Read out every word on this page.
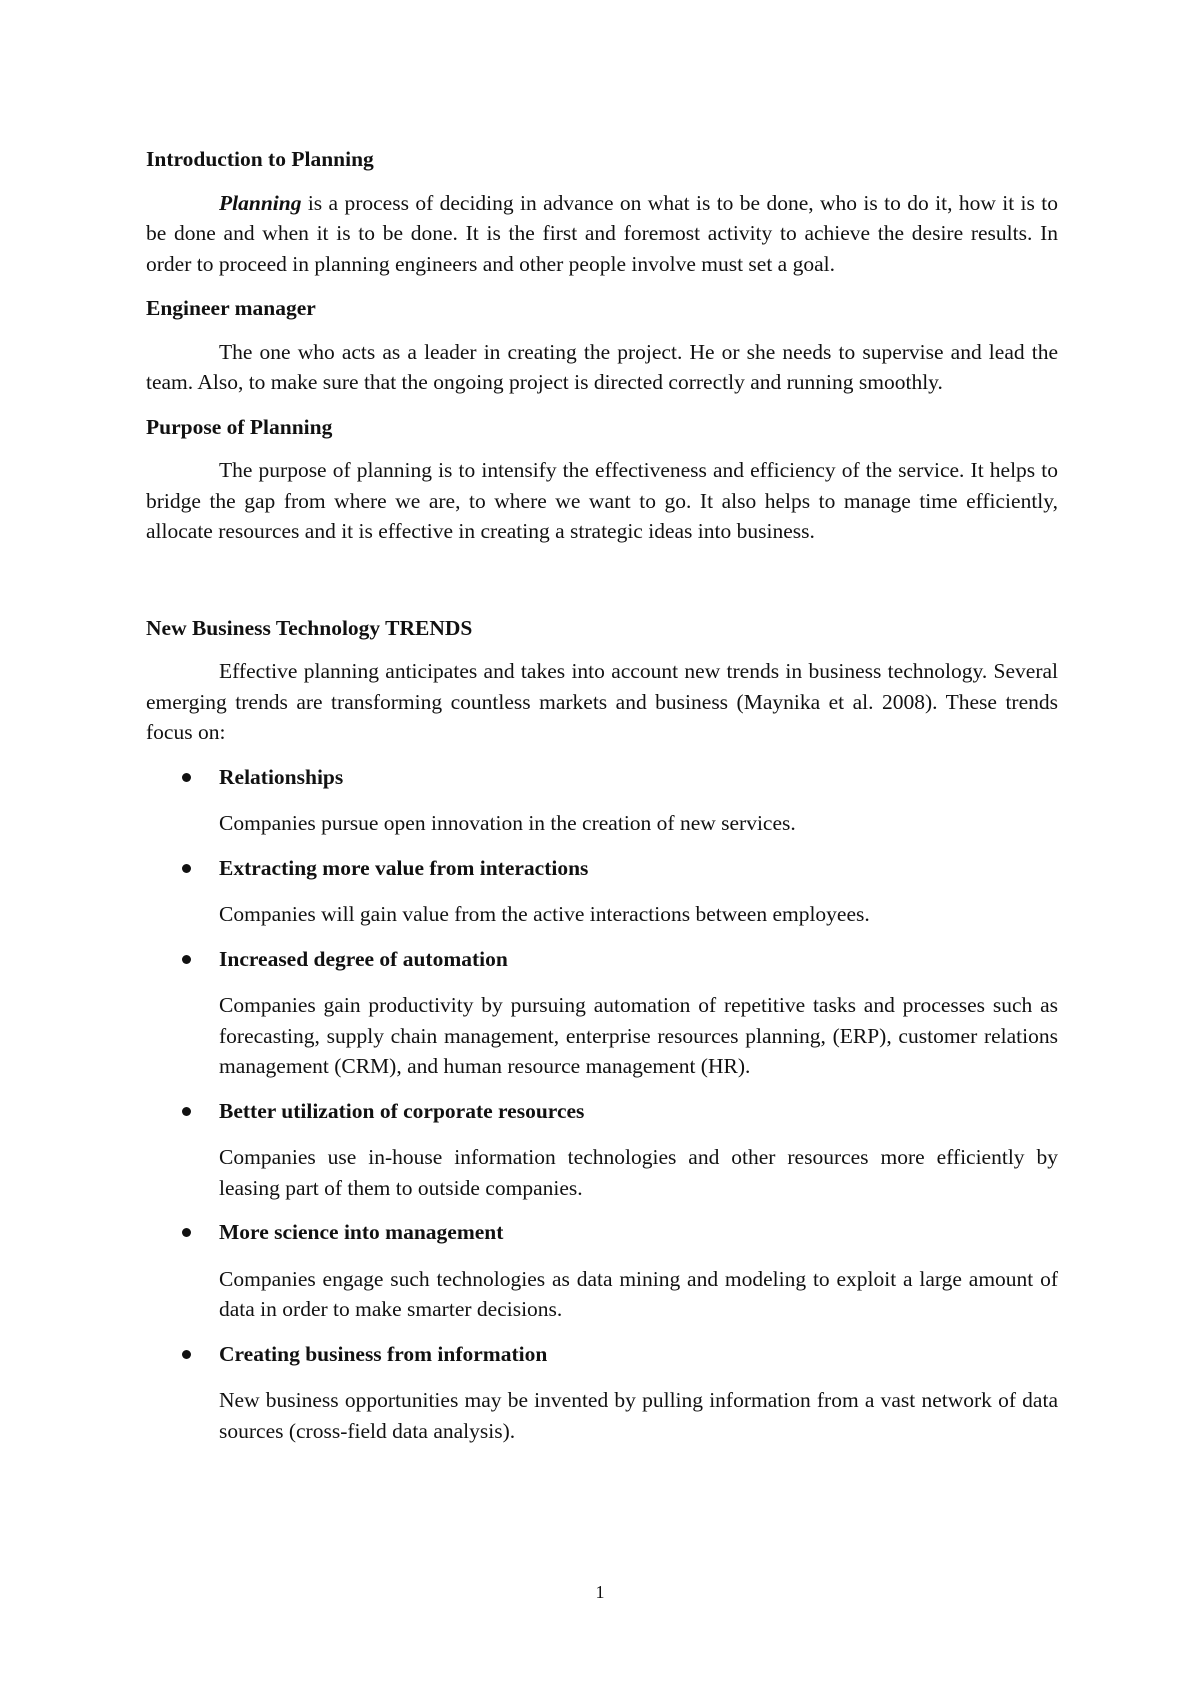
Introduction to Planning

Planning is a process of deciding in advance on what is to be done, who is to do it, how it is to be done and when it is to be done. It is the first and foremost activity to achieve the desire results. In order to proceed in planning engineers and other people involve must set a goal.

Engineer manager

The one who acts as a leader in creating the project. He or she needs to supervise and lead the team. Also, to make sure that the ongoing project is directed correctly and running smoothly.

Purpose of Planning

The purpose of planning is to intensify the effectiveness and efficiency of the service. It helps to bridge the gap from where we are, to where we want to go. It also helps to manage time efficiently, allocate resources and it is effective in creating a strategic ideas into business.

New Business Technology TRENDS

Effective planning anticipates and takes into account new trends in business technology. Several emerging trends are transforming countless markets and business (Maynika et al. 2008). These trends focus on:

Relationships

Companies pursue open innovation in the creation of new services.

Extracting more value from interactions

Companies will gain value from the active interactions between employees.

Increased degree of automation

Companies gain productivity by pursuing automation of repetitive tasks and processes such as forecasting, supply chain management, enterprise resources planning, (ERP), customer relations management (CRM), and human resource management (HR).

Better utilization of corporate resources

Companies use in-house information technologies and other resources more efficiently by leasing part of them to outside companies.

More science into management

Companies engage such technologies as data mining and modeling to exploit a large amount of data in order to make smarter decisions.

Creating business from information

New business opportunities may be invented by pulling information from a vast network of data sources (cross-field data analysis).

1
